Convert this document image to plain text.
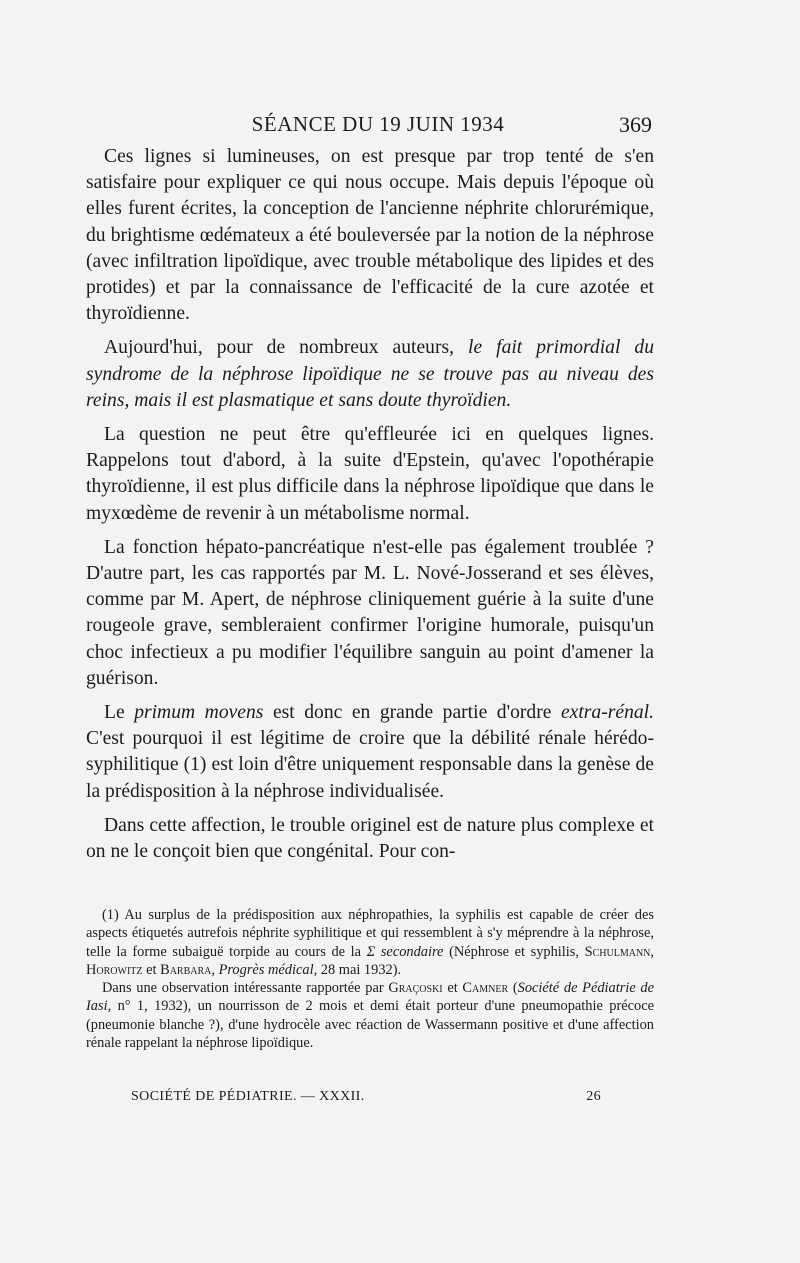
SÉANCE DU 19 JUIN 1934	369

Ces lignes si lumineuses, on est presque par trop tenté de s'en satisfaire pour expliquer ce qui nous occupe. Mais depuis l'époque où elles furent écrites, la conception de l'ancienne néphrite chlorurémique, du brightisme œdémateux a été bouleversée par la notion de la néphrose (avec infiltration lipoïdique, avec trouble métabolique des lipides et des protides) et par la connaissance de l'efficacité de la cure azotée et thyroïdienne.

Aujourd'hui, pour de nombreux auteurs, le fait primordial du syndrome de la néphrose lipoïdique ne se trouve pas au niveau des reins, mais il est plasmatique et sans doute thyroïdien.

La question ne peut être qu'effleurée ici en quelques lignes. Rappelons tout d'abord, à la suite d'Epstein, qu'avec l'opothérapie thyroïdienne, il est plus difficile dans la néphrose lipoïdique que dans le myxœdème de revenir à un métabolisme normal.

La fonction hépato-pancréatique n'est-elle pas également troublée ? D'autre part, les cas rapportés par M. L. Nové-Josserand et ses élèves, comme par M. Apert, de néphrose cliniquement guérie à la suite d'une rougeole grave, sembleraient confirmer l'origine humorale, puisqu'un choc infectieux a pu modifier l'équilibre sanguin au point d'amener la guérison.

Le primum movens est donc en grande partie d'ordre extra-rénal. C'est pourquoi il est légitime de croire que la débilité rénale hérédo-syphilitique (1) est loin d'être uniquement responsable dans la genèse de la prédisposition à la néphrose individualisée.

Dans cette affection, le trouble originel est de nature plus complexe et on ne le conçoit bien que congénital. Pour con-

(1) Au surplus de la prédisposition aux néphropathies, la syphilis est capable de créer des aspects étiquetés autrefois néphrite syphilitique et qui ressemblent à s'y méprendre à la néphrose, telle la forme subaiguë torpide au cours de la Σ secondaire (Néphrose et syphilis, Schulmann, Horowitz et Barbara, Progrès médical, 28 mai 1932).

Dans une observation intéressante rapportée par Graçoski et Camner (Société de Pédiatrie de Iasi, n° 1, 1932), un nourrisson de 2 mois et demi était porteur d'une pneumopathie précoce (pneumonie blanche ?), d'une hydrocèle avec réaction de Wassermann positive et d'une affection rénale rappelant la néphrose lipoïdique.

SOCIÉTÉ DE PÉDIATRIE. — XXXII.	26
